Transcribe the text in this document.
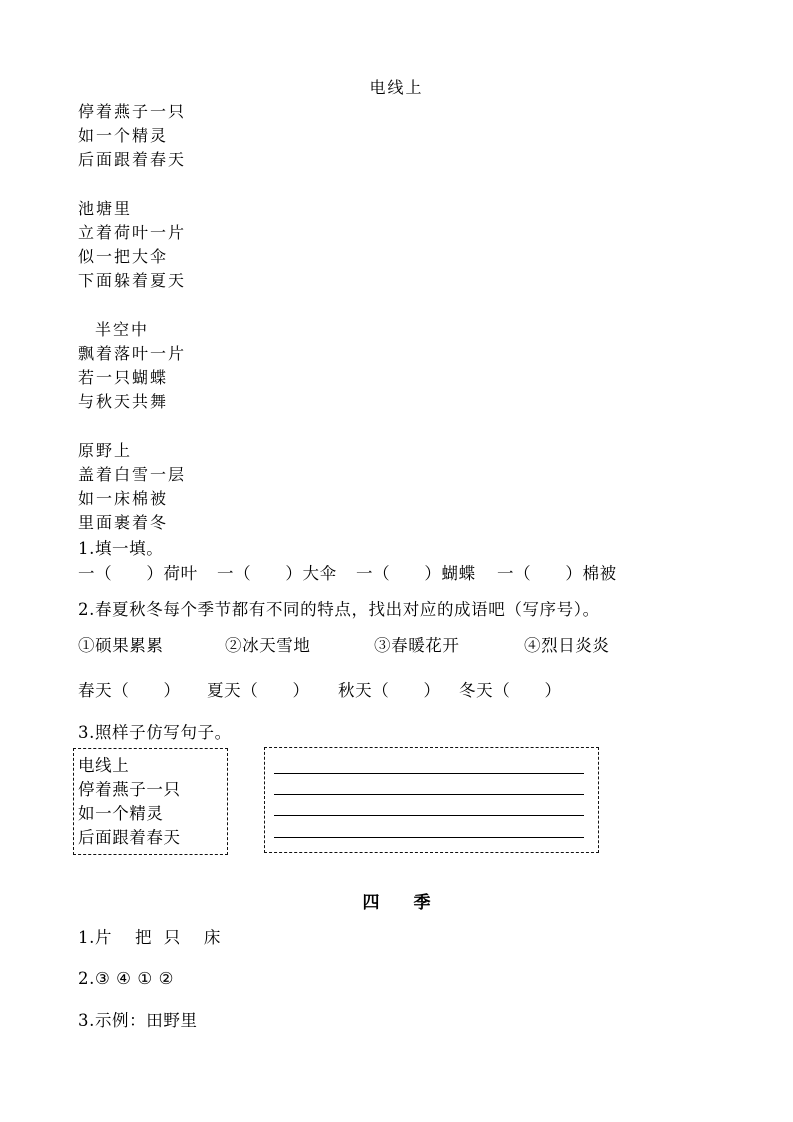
电线上
停着燕子一只
如一个精灵
后面跟着春天
池塘里
立着荷叶一片
似一把大伞
下面躲着夏天
半空中
飘着落叶一片
若一只蝴蝶
与秋天共舞
原野上
盖着白雪一层
如一床棉被
里面裹着冬
1.填一填。
一（　　）荷叶 一（　　）大伞 一（　　）蝴蝶 一（　　）棉被
2.春夏秋冬每个季节都有不同的特点，找出对应的成语吧（写序号）。
①硕果累累	②冰天雪地	③春暖花开	④烈日炎炎
春天（　　） 夏天（　　） 秋天（　　） 冬天（　　）
3.照样子仿写句子。
电线上
停着燕子一只
如一个精灵
后面跟着春天
四　　季
1.片　 把  只 　床
2.③ ④ ① ②
3.示例：田野里
